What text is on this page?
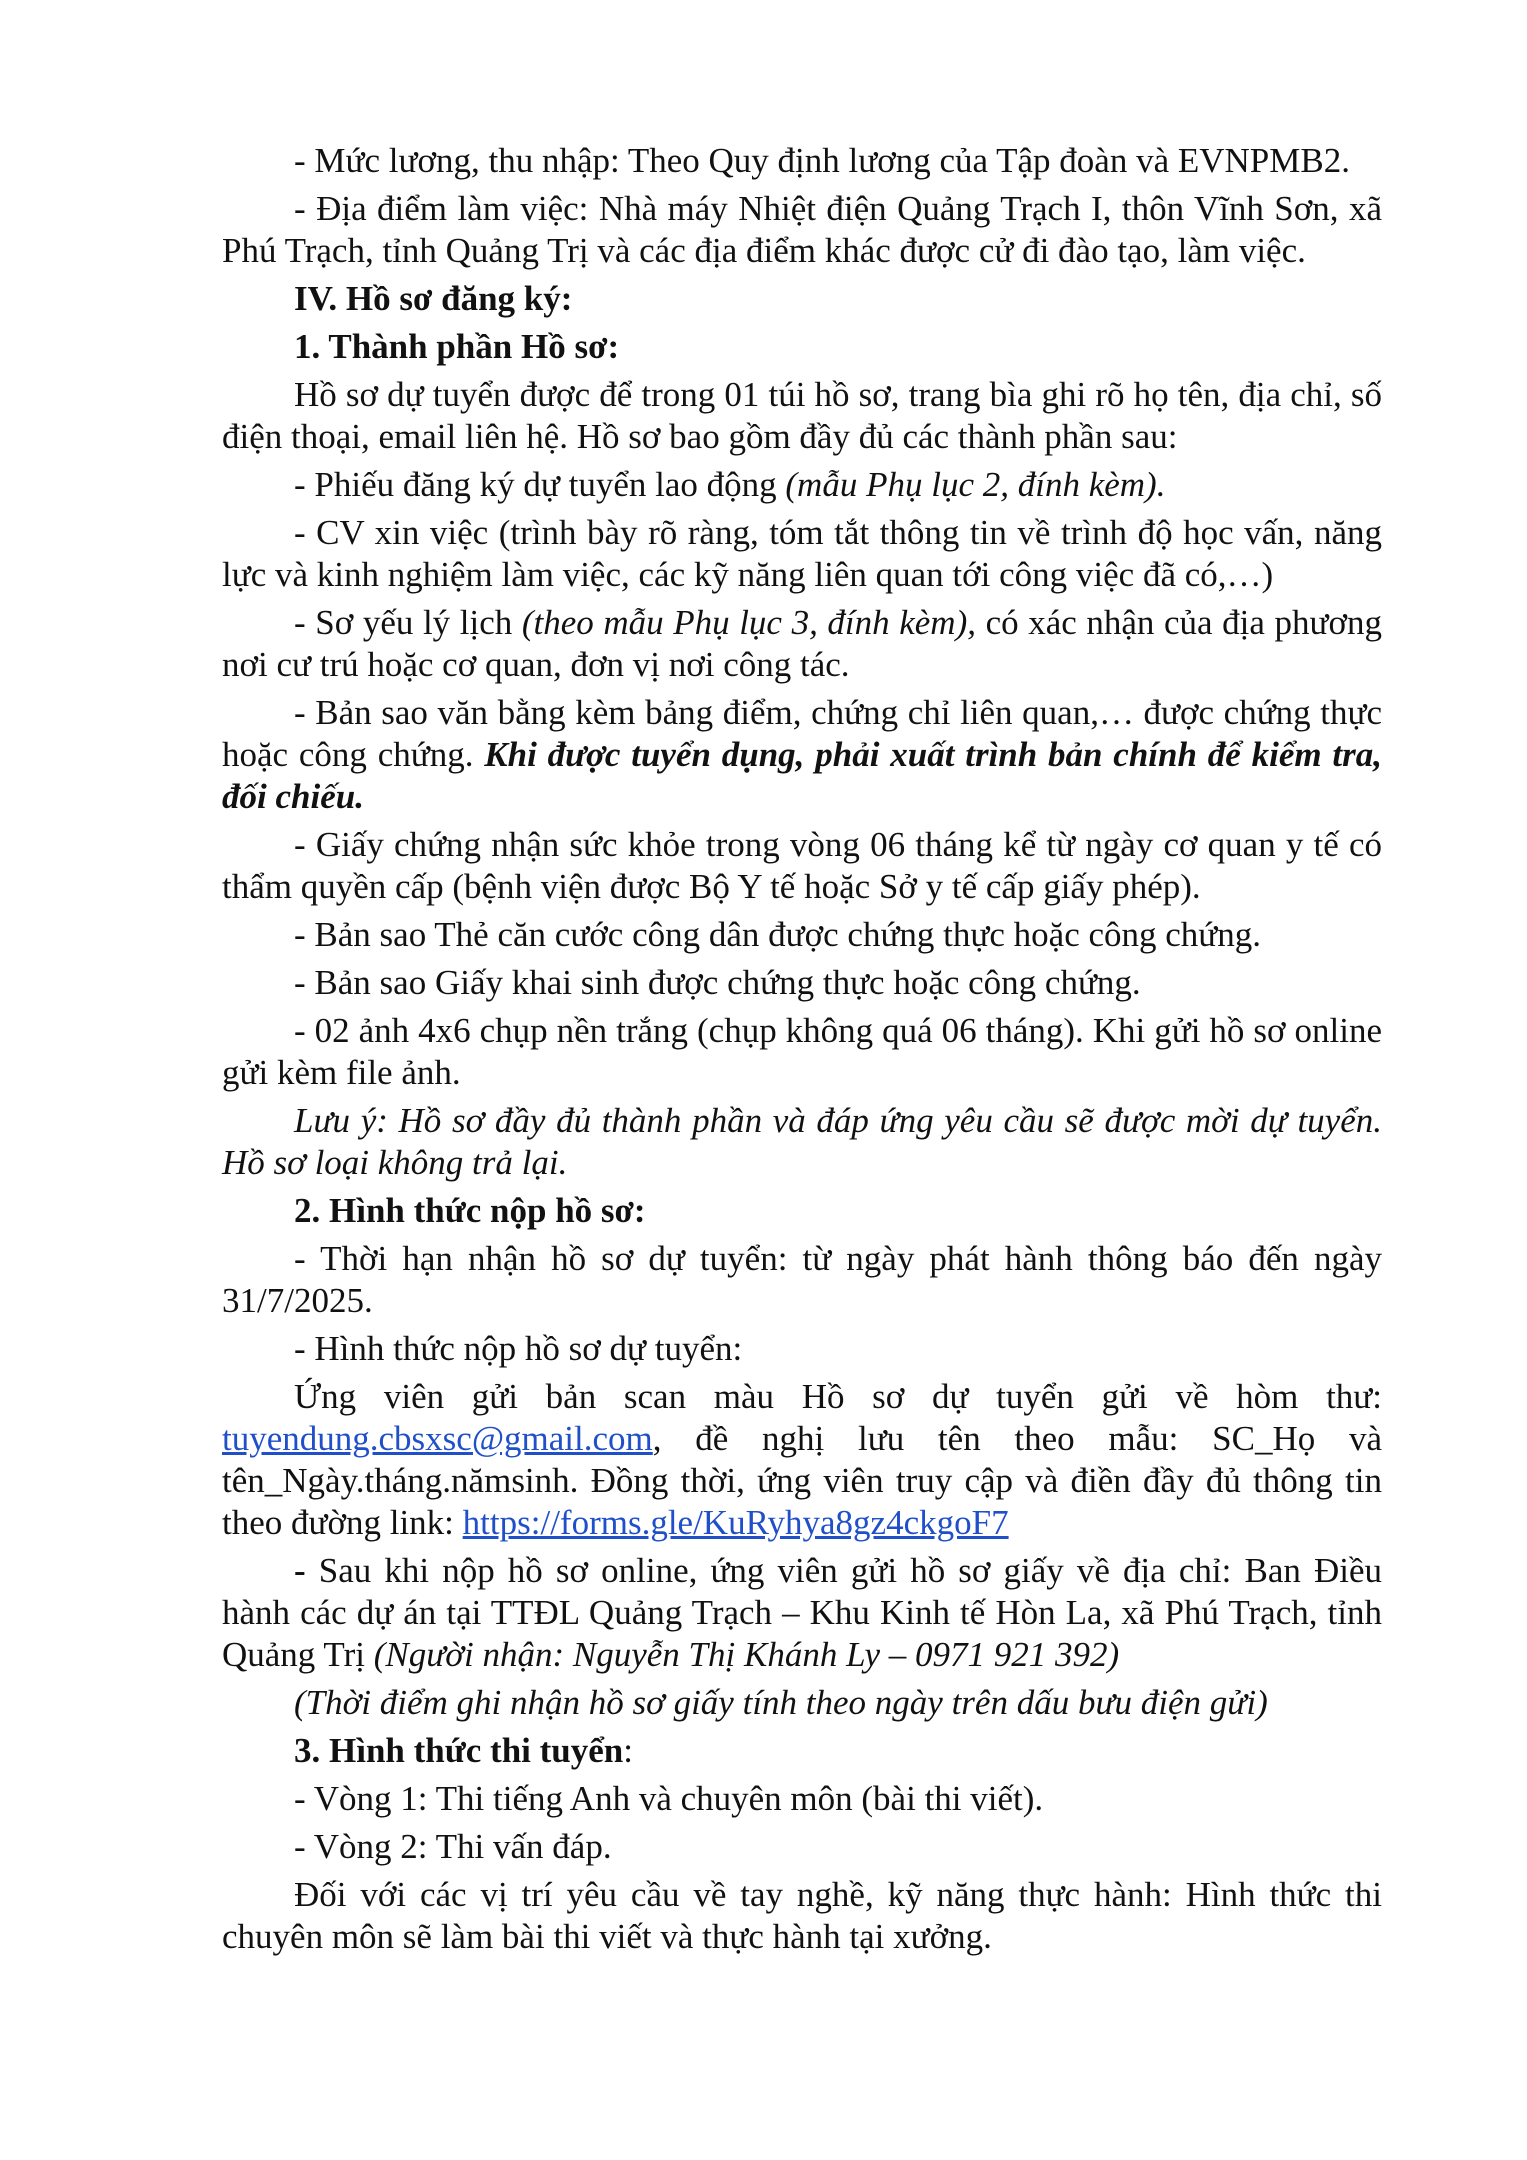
- Mức lương, thu nhập: Theo Quy định lương của Tập đoàn và EVNPMB2.

- Địa điểm làm việc: Nhà máy Nhiệt điện Quảng Trạch I, thôn Vĩnh Sơn, xã Phú Trạch, tỉnh Quảng Trị và các địa điểm khác được cử đi đào tạo, làm việc.

IV. Hồ sơ đăng ký:

1. Thành phần Hồ sơ:

Hồ sơ dự tuyển được để trong 01 túi hồ sơ, trang bìa ghi rõ họ tên, địa chỉ, số điện thoại, email liên hệ. Hồ sơ bao gồm đầy đủ các thành phần sau:

- Phiếu đăng ký dự tuyển lao động (mẫu Phụ lục 2, đính kèm).

- CV xin việc (trình bày rõ ràng, tóm tắt thông tin về trình độ học vấn, năng lực và kinh nghiệm làm việc, các kỹ năng liên quan tới công việc đã có,…)

- Sơ yếu lý lịch (theo mẫu Phụ lục 3, đính kèm), có xác nhận của địa phương nơi cư trú hoặc cơ quan, đơn vị nơi công tác.

- Bản sao văn bằng kèm bảng điểm, chứng chỉ liên quan,… được chứng thực hoặc công chứng. Khi được tuyển dụng, phải xuất trình bản chính để kiểm tra, đối chiếu.

- Giấy chứng nhận sức khỏe trong vòng 06 tháng kể từ ngày cơ quan y tế có thẩm quyền cấp (bệnh viện được Bộ Y tế hoặc Sở y tế cấp giấy phép).

- Bản sao Thẻ căn cước công dân được chứng thực hoặc công chứng.

- Bản sao Giấy khai sinh được chứng thực hoặc công chứng.

- 02 ảnh 4x6 chụp nền trắng (chụp không quá 06 tháng). Khi gửi hồ sơ online gửi kèm file ảnh.

Lưu ý: Hồ sơ đầy đủ thành phần và đáp ứng yêu cầu sẽ được mời dự tuyển. Hồ sơ loại không trả lại.

2. Hình thức nộp hồ sơ:

- Thời hạn nhận hồ sơ dự tuyển: từ ngày phát hành thông báo đến ngày 31/7/2025.

- Hình thức nộp hồ sơ dự tuyển:

Ứng viên gửi bản scan màu Hồ sơ dự tuyển gửi về hòm thư: tuyendung.cbsxsc@gmail.com, đề nghị lưu tên theo mẫu: SC_Họ và tên_Ngày.tháng.nămsinh. Đồng thời, ứng viên truy cập và điền đầy đủ thông tin theo đường link: https://forms.gle/KuRyhya8gz4ckgoF7

- Sau khi nộp hồ sơ online, ứng viên gửi hồ sơ giấy về địa chỉ: Ban Điều hành các dự án tại TTĐL Quảng Trạch – Khu Kinh tế Hòn La, xã Phú Trạch, tỉnh Quảng Trị (Người nhận: Nguyễn Thị Khánh Ly – 0971 921 392)

(Thời điểm ghi nhận hồ sơ giấy tính theo ngày trên dấu bưu điện gửi)

3. Hình thức thi tuyển:

- Vòng 1: Thi tiếng Anh và chuyên môn (bài thi viết).

- Vòng 2: Thi vấn đáp.

Đối với các vị trí yêu cầu về tay nghề, kỹ năng thực hành: Hình thức thi chuyên môn sẽ làm bài thi viết và thực hành tại xưởng.
